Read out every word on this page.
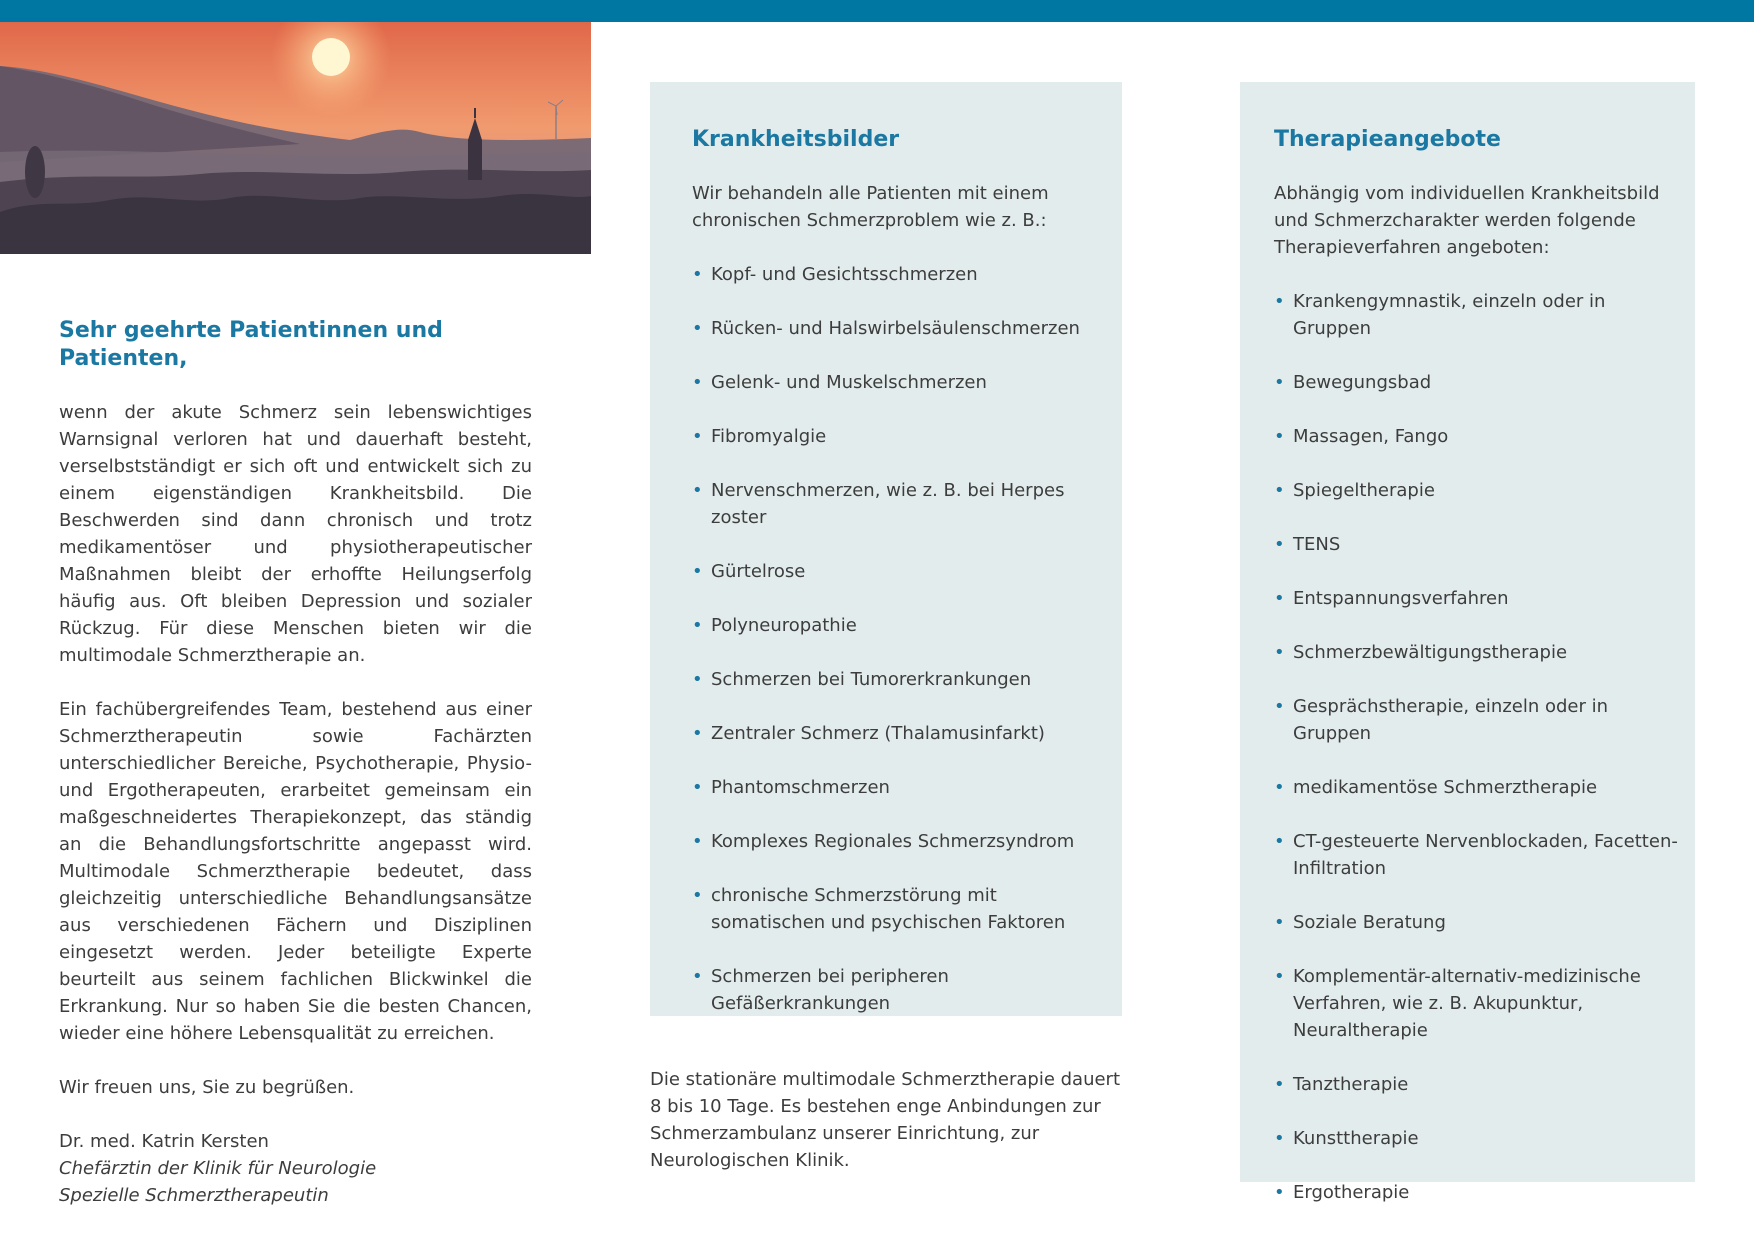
Sehr geehrte Patientinnen und Patienten,

wenn der akute Schmerz sein lebenswichtiges Warnsignal verloren hat und dauerhaft besteht, verselbstständigt er sich oft und entwickelt sich zu einem eigenständigen Krankheitsbild. Die Beschwerden sind dann chronisch und trotz medikamentöser und physiotherapeutischer Maßnahmen bleibt der erhoffte Heilungserfolg häufig aus. Oft bleiben Depression und sozialer Rückzug. Für diese Menschen bieten wir die multimodale Schmerztherapie an.

Ein fachübergreifendes Team, bestehend aus einer Schmerztherapeutin sowie Fachärzten unterschiedlicher Bereiche, Psychotherapie, Physio- und Ergotherapeuten, erarbeitet gemeinsam ein maßgeschneidertes Therapiekonzept, das ständig an die Behandlungsfortschritte angepasst wird. Multimodale Schmerztherapie bedeutet, dass gleichzeitig unterschiedliche Behandlungsansätze aus verschiedenen Fächern und Disziplinen eingesetzt werden. Jeder beteiligte Experte beurteilt aus seinem fachlichen Blickwinkel die Erkrankung. Nur so haben Sie die besten Chancen, wieder eine höhere Lebensqualität zu erreichen.

Wir freuen uns, Sie zu begrüßen.

Dr. med. Katrin Kersten
Chefärztin der Klinik für Neurologie
Spezielle Schmerztherapeutin
Krankheitsbilder

Wir behandeln alle Patienten mit einem chronischen Schmerzproblem wie z. B.:

• Kopf- und Gesichtsschmerzen
• Rücken- und Halswirbelsäulenschmerzen
• Gelenk- und Muskelschmerzen
• Fibromyalgie
• Nervenschmerzen, wie z. B. bei Herpes zoster
• Gürtelrose
• Polyneuropathie
• Schmerzen bei Tumorerkrankungen
• Zentraler Schmerz (Thalamusinfarkt)
• Phantomschmerzen
• Komplexes Regionales Schmerzsyndrom
• chronische Schmerzstörung mit somatischen und psychischen Faktoren
• Schmerzen bei peripheren Gefäßerkrankungen

Die stationäre multimodale Schmerztherapie dauert 8 bis 10 Tage. Es bestehen enge Anbindungen zur Schmerzambulanz unserer Einrichtung, zur Neurologischen Klinik.

Therapieangebote

Abhängig vom individuellen Krankheitsbild und Schmerzcharakter werden folgende Therapieverfahren angeboten:

• Krankengymnastik, einzeln oder in Gruppen
• Bewegungsbad
• Massagen, Fango
• Spiegeltherapie
• TENS
• Entspannungsverfahren
• Schmerzbewältigungstherapie
• Gesprächstherapie, einzeln oder in Gruppen
• medikamentöse Schmerztherapie
• CT-gesteuerte Nervenblockaden, Facetten-Infiltration
• Soziale Beratung
• Komplementär-alternativ-medizinische Verfahren, wie z. B. Akupunktur, Neuraltherapie
• Tanztherapie
• Kunsttherapie
• Ergotherapie
